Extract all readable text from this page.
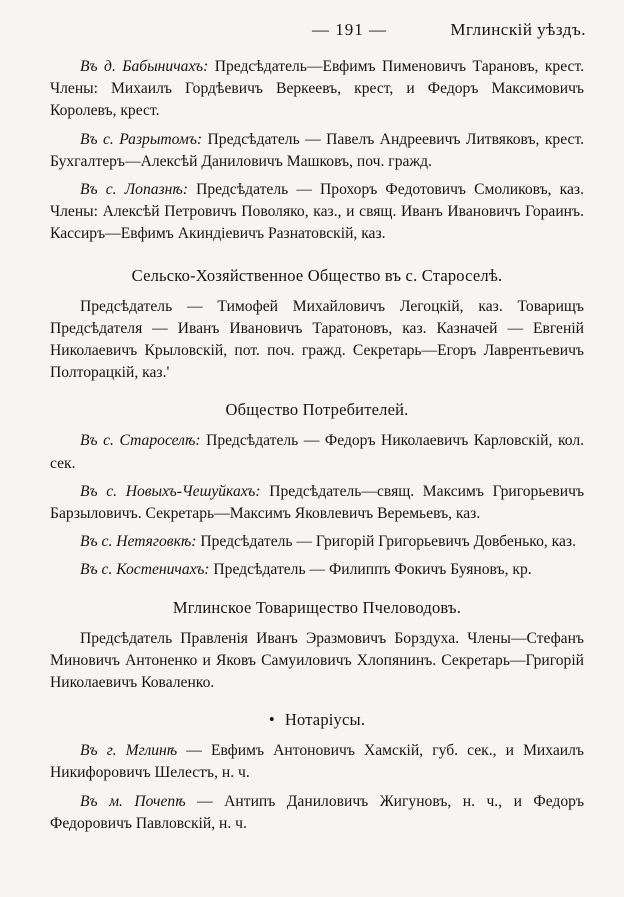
— 191 —	Мглинскій уѣздъ.

Въ д. Бабыничахъ: Предсѣдатель—Евфимъ Пименовичъ Тарановъ, крест. Члены: Михаилъ Гордѣевичъ Веркеевъ, крест, и Федоръ Максимовичъ Королевъ, крест.

Въ с. Разрытомъ: Предсѣдатель — Павелъ Андреевичъ Литвяковъ, крест. Бухгалтеръ—Алексѣй Даниловичъ Машковъ, поч. гражд.

Въ с. Лопазнѣ: Предсѣдатель — Прохоръ Федотовичъ Смоликовъ, каз. Члены: Алексѣй Петровичъ Поволяко, каз., и свящ. Иванъ Ивановичъ Гораинъ. Кассиръ—Евфимъ Акиндіевичъ Разнатовскій, каз.

Сельско-Хозяйственное Общество въ с. Староселѣ.

Предсѣдатель — Тимофей Михайловичъ Легоцкій, каз. Товарищъ Предсѣдателя — Иванъ Ивановичъ Таратоновъ, каз. Казначей — Евгеній Николаевичъ Крыловскій, пот. поч. гражд. Секретарь—Егоръ Лаврентьевичъ Полторацкій, каз.'

Общество Потребителей.

Въ с. Староселѣ: Предсѣдатель — Федоръ Николаевичъ Карловскій, кол. сек.

Въ с. Новыхъ-Чешуйкахъ: Предсѣдатель—свящ. Максимъ Григорьевичъ Барзыловичъ. Секретарь—Максимъ Яковлевичъ Веремьевъ, каз.

Въ с. Нетяговкѣ: Предсѣдатель — Григорій Григорьевичъ Довбенько, каз.

Въ с. Костеничахъ: Предсѣдатель — Филиппъ Фокичъ Буяновъ, кр.

Мглинское Товарищество Пчеловодовъ.

Предсѣдатель Правленія Иванъ Эразмовичъ Борздуха. Члены—Стефанъ Миновичъ Антоненко и Яковъ Самуиловичъ Хлопянинъ. Секретарь—Григорій Николаевичъ Коваленко.

• Нотаріусы.

Въ г. Мглинѣ — Евфимъ Антоновичъ Хамскій, губ. сек., и Михаилъ Никифоровичъ Шелестъ, н. ч.

Въ м. Почепѣ — Антипъ Даниловичъ Жигуновъ, н. ч., и Федоръ Федоровичъ Павловскій, н. ч.
